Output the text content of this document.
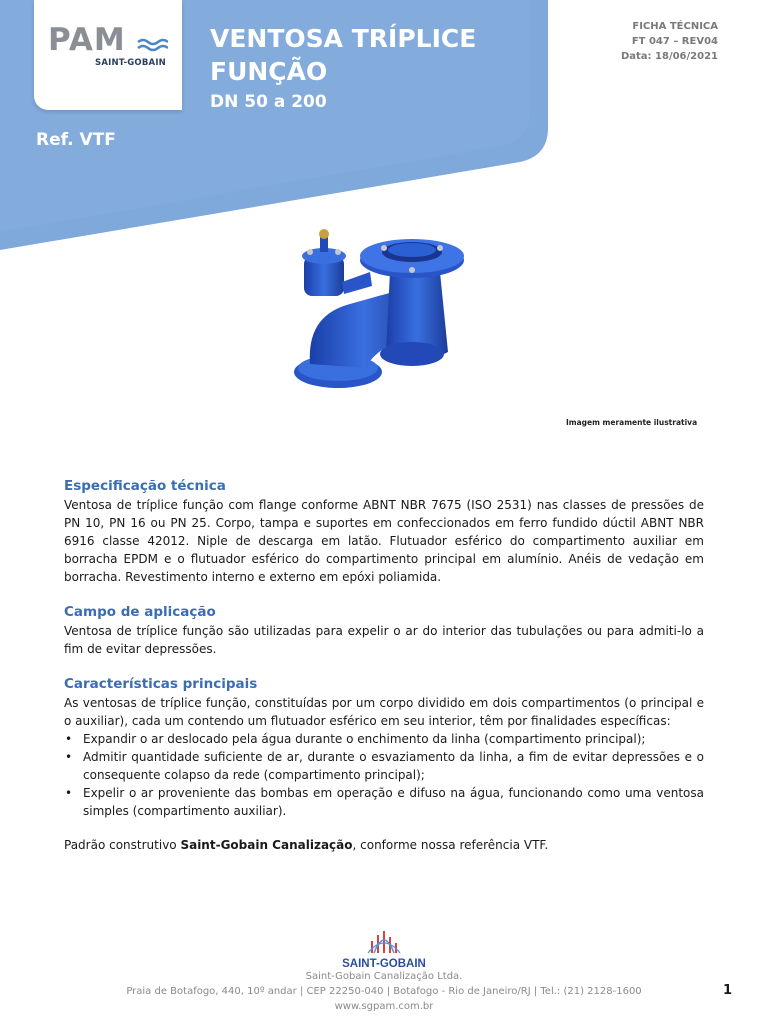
PAM
SAINT-GOBAIN
VENTOSA TRÍPLICE
FUNÇÃO
DN 50 a 200
Ref. VTF
FICHA TÉCNICA
FT 047 – REV04
Data: 18/06/2021
Imagem meramente ilustrativa
Especificação técnica

Ventosa de tríplice função com flange conforme ABNT NBR 7675 (ISO 2531) nas classes de pressões de PN 10, PN 16 ou PN 25. Corpo, tampa e suportes em confeccionados em ferro fundido dúctil ABNT NBR 6916 classe 42012. Niple de descarga em latão. Flutuador esférico do compartimento auxiliar em borracha EPDM e o flutuador esférico do compartimento principal em alumínio. Anéis de vedação em borracha. Revestimento interno e externo em epóxi poliamida.

Campo de aplicação

Ventosa de tríplice função são utilizadas para expelir o ar do interior das tubulações ou para admiti-lo a fim de evitar depressões.

Características principais

As ventosas de tríplice função, constituídas por um corpo dividido em dois compartimentos (o principal e o auxiliar), cada um contendo um flutuador esférico em seu interior, têm por finalidades específicas:

• Expandir o ar deslocado pela água durante o enchimento da linha (compartimento principal);
• Admitir quantidade suficiente de ar, durante o esvaziamento da linha, a fim de evitar depressões e o consequente colapso da rede (compartimento principal);
• Expelir o ar proveniente das bombas em operação e difuso na água, funcionando como uma ventosa simples (compartimento auxiliar).

Padrão construtivo Saint-Gobain Canalização, conforme nossa referência VTF.

SAINT-GOBAIN
Saint-Gobain Canalização Ltda.
Praia de Botafogo, 440, 10º andar | CEP 22250-040 | Botafogo - Rio de Janeiro/RJ | Tel.: (21) 2128-1600
www.sgpam.com.br
1
